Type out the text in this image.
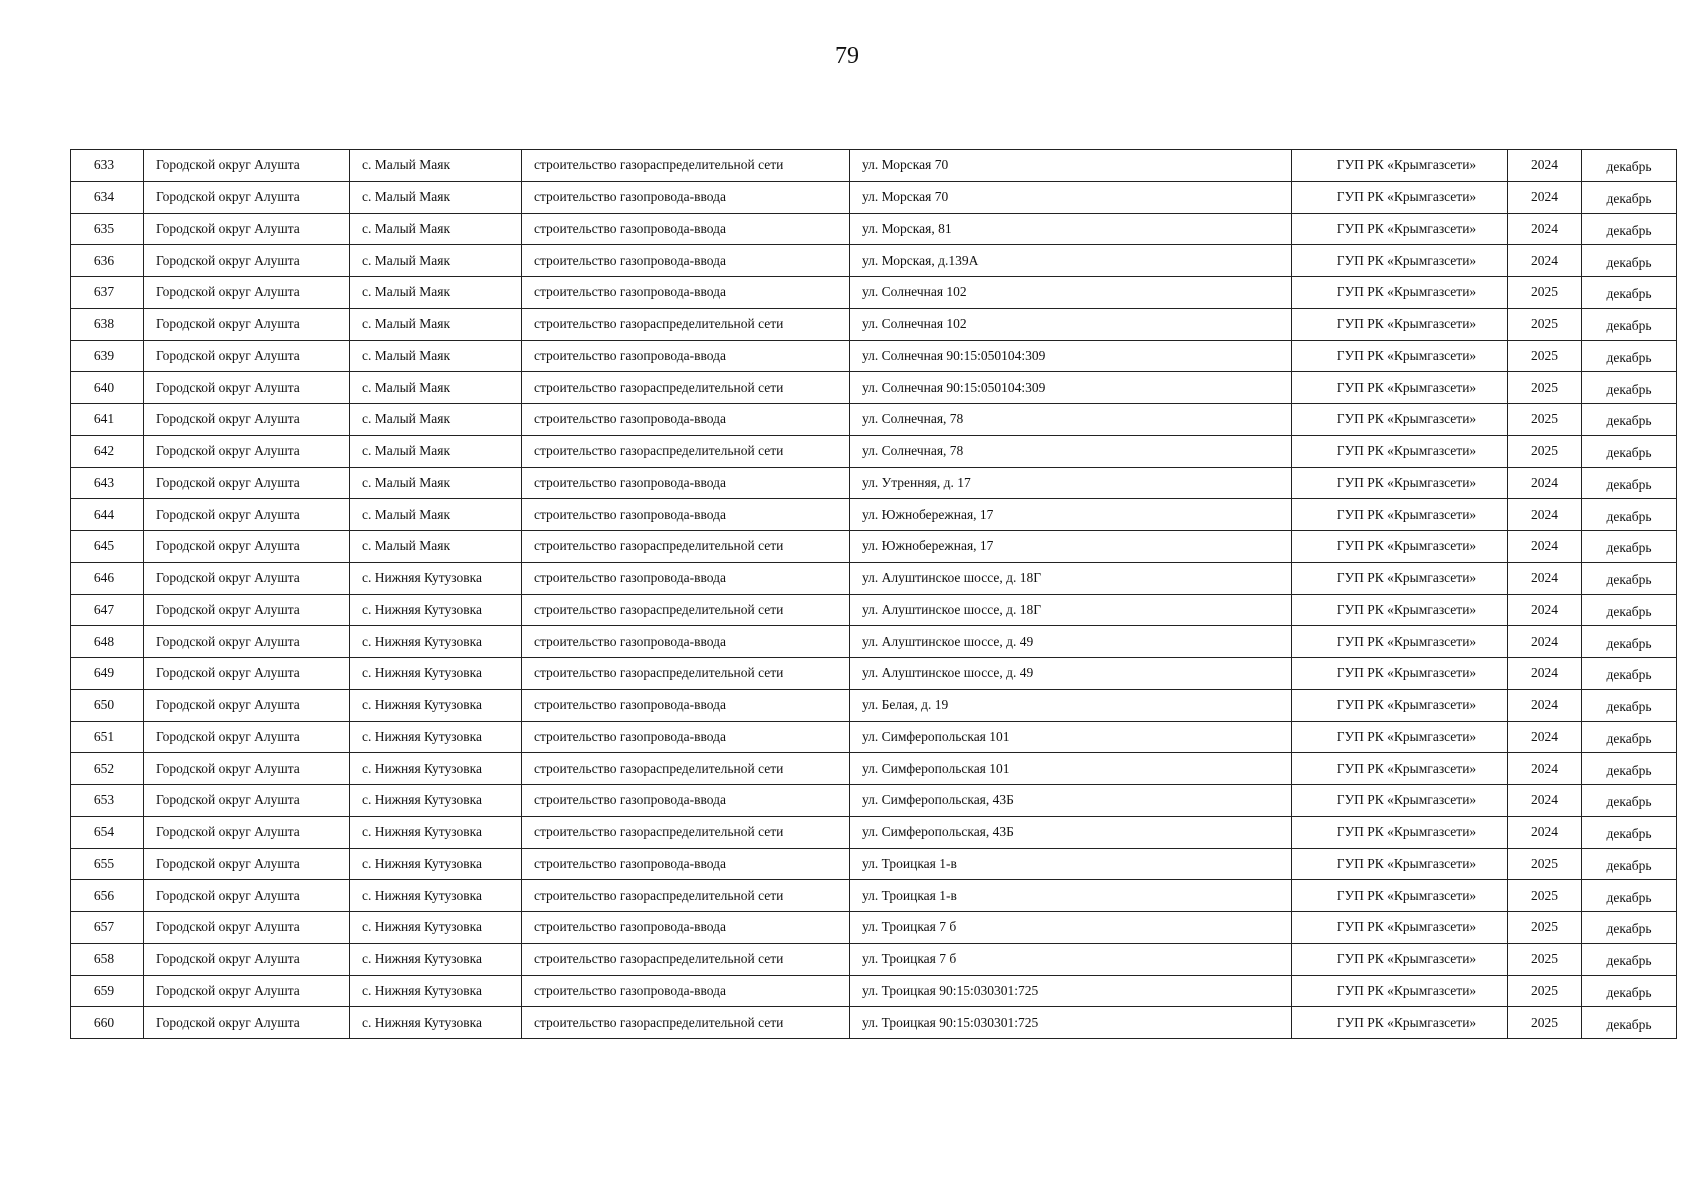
79
633	Городской округ Алушта	с. Малый Маяк	строительство газораспределительной сети	ул. Морская 70	ГУП РК «Крымгазсети»	2024	декабрь
634	Городской округ Алушта	с. Малый Маяк	строительство газопровода-ввода	ул. Морская 70	ГУП РК «Крымгазсети»	2024	декабрь
635	Городской округ Алушта	с. Малый Маяк	строительство газопровода-ввода	ул. Морская, 81	ГУП РК «Крымгазсети»	2024	декабрь
636	Городской округ Алушта	с. Малый Маяк	строительство газопровода-ввода	ул. Морская, д.139А	ГУП РК «Крымгазсети»	2024	декабрь
637	Городской округ Алушта	с. Малый Маяк	строительство газопровода-ввода	ул. Солнечная 102	ГУП РК «Крымгазсети»	2025	декабрь
638	Городской округ Алушта	с. Малый Маяк	строительство газораспределительной сети	ул. Солнечная 102	ГУП РК «Крымгазсети»	2025	декабрь
639	Городской округ Алушта	с. Малый Маяк	строительство газопровода-ввода	ул. Солнечная 90:15:050104:309	ГУП РК «Крымгазсети»	2025	декабрь
640	Городской округ Алушта	с. Малый Маяк	строительство газораспределительной сети	ул. Солнечная 90:15:050104:309	ГУП РК «Крымгазсети»	2025	декабрь
641	Городской округ Алушта	с. Малый Маяк	строительство газопровода-ввода	ул. Солнечная, 78	ГУП РК «Крымгазсети»	2025	декабрь
642	Городской округ Алушта	с. Малый Маяк	строительство газораспределительной сети	ул. Солнечная, 78	ГУП РК «Крымгазсети»	2025	декабрь
643	Городской округ Алушта	с. Малый Маяк	строительство газопровода-ввода	ул. Утренняя, д. 17	ГУП РК «Крымгазсети»	2024	декабрь
644	Городской округ Алушта	с. Малый Маяк	строительство газопровода-ввода	ул. Южнобережная, 17	ГУП РК «Крымгазсети»	2024	декабрь
645	Городской округ Алушта	с. Малый Маяк	строительство газораспределительной сети	ул. Южнобережная, 17	ГУП РК «Крымгазсети»	2024	декабрь
646	Городской округ Алушта	с. Нижняя Кутузовка	строительство газопровода-ввода	ул. Алуштинское шоссе, д. 18Г	ГУП РК «Крымгазсети»	2024	декабрь
647	Городской округ Алушта	с. Нижняя Кутузовка	строительство газораспределительной сети	ул. Алуштинское шоссе, д. 18Г	ГУП РК «Крымгазсети»	2024	декабрь
648	Городской округ Алушта	с. Нижняя Кутузовка	строительство газопровода-ввода	ул. Алуштинское шоссе, д. 49	ГУП РК «Крымгазсети»	2024	декабрь
649	Городской округ Алушта	с. Нижняя Кутузовка	строительство газораспределительной сети	ул. Алуштинское шоссе, д. 49	ГУП РК «Крымгазсети»	2024	декабрь
650	Городской округ Алушта	с. Нижняя Кутузовка	строительство газопровода-ввода	ул. Белая, д. 19	ГУП РК «Крымгазсети»	2024	декабрь
651	Городской округ Алушта	с. Нижняя Кутузовка	строительство газопровода-ввода	ул. Симферопольская 101	ГУП РК «Крымгазсети»	2024	декабрь
652	Городской округ Алушта	с. Нижняя Кутузовка	строительство газораспределительной сети	ул. Симферопольская 101	ГУП РК «Крымгазсети»	2024	декабрь
653	Городской округ Алушта	с. Нижняя Кутузовка	строительство газопровода-ввода	ул. Симферопольская, 43Б	ГУП РК «Крымгазсети»	2024	декабрь
654	Городской округ Алушта	с. Нижняя Кутузовка	строительство газораспределительной сети	ул. Симферопольская, 43Б	ГУП РК «Крымгазсети»	2024	декабрь
655	Городской округ Алушта	с. Нижняя Кутузовка	строительство газопровода-ввода	ул. Троицкая 1-в	ГУП РК «Крымгазсети»	2025	декабрь
656	Городской округ Алушта	с. Нижняя Кутузовка	строительство газораспределительной сети	ул. Троицкая 1-в	ГУП РК «Крымгазсети»	2025	декабрь
657	Городской округ Алушта	с. Нижняя Кутузовка	строительство газопровода-ввода	ул. Троицкая 7 б	ГУП РК «Крымгазсети»	2025	декабрь
658	Городской округ Алушта	с. Нижняя Кутузовка	строительство газораспределительной сети	ул. Троицкая 7 б	ГУП РК «Крымгазсети»	2025	декабрь
659	Городской округ Алушта	с. Нижняя Кутузовка	строительство газопровода-ввода	ул. Троицкая 90:15:030301:725	ГУП РК «Крымгазсети»	2025	декабрь
660	Городской округ Алушта	с. Нижняя Кутузовка	строительство газораспределительной сети	ул. Троицкая 90:15:030301:725	ГУП РК «Крымгазсети»	2025	декабрь
